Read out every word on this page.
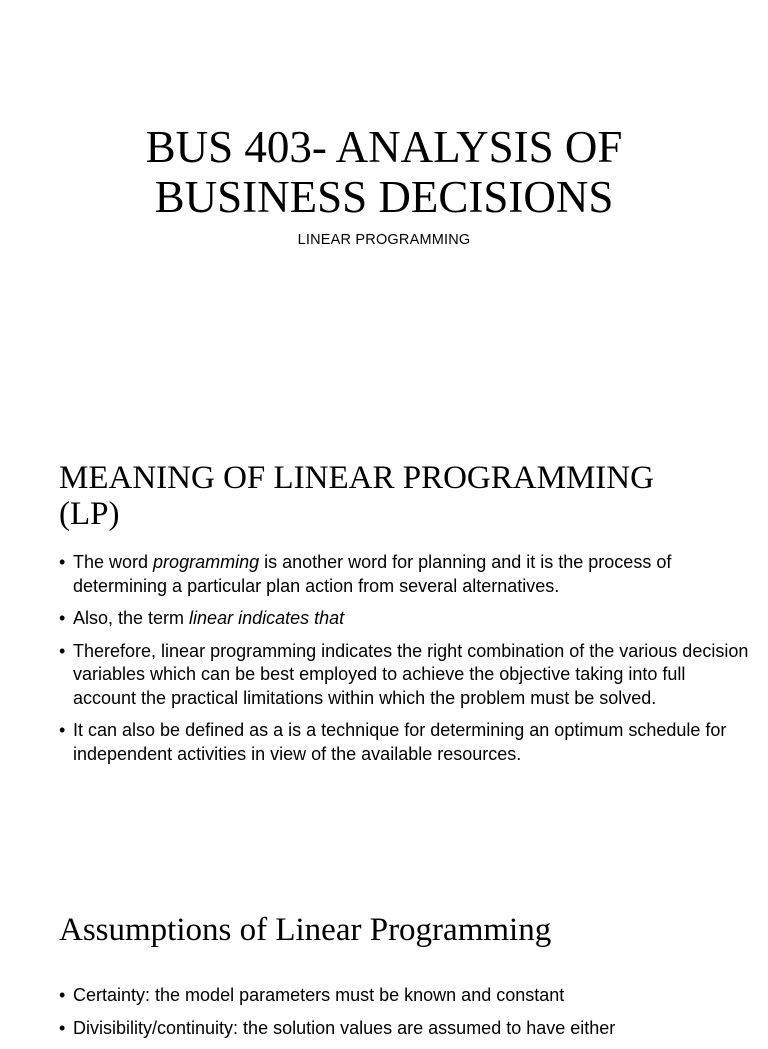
BUS 403- ANALYSIS OF
BUSINESS DECISIONS

LINEAR PROGRAMMING

MEANING OF LINEAR PROGRAMMING
(LP)
• The word programming is another word for planning and it is the process of determining a particular plan action from several alternatives.
• Also, the term linear indicates that
• Therefore, linear programming indicates the right combination of the various decision variables which can be best employed to achieve the objective taking into full account the practical limitations within which the problem must be solved.
• It can also be defined as a is a technique for determining an optimum schedule for independent activities in view of the available resources.
Assumptions of Linear Programming
• Certainty: the model parameters must be known and constant
• Divisibility/continuity: the solution values are assumed to have either
